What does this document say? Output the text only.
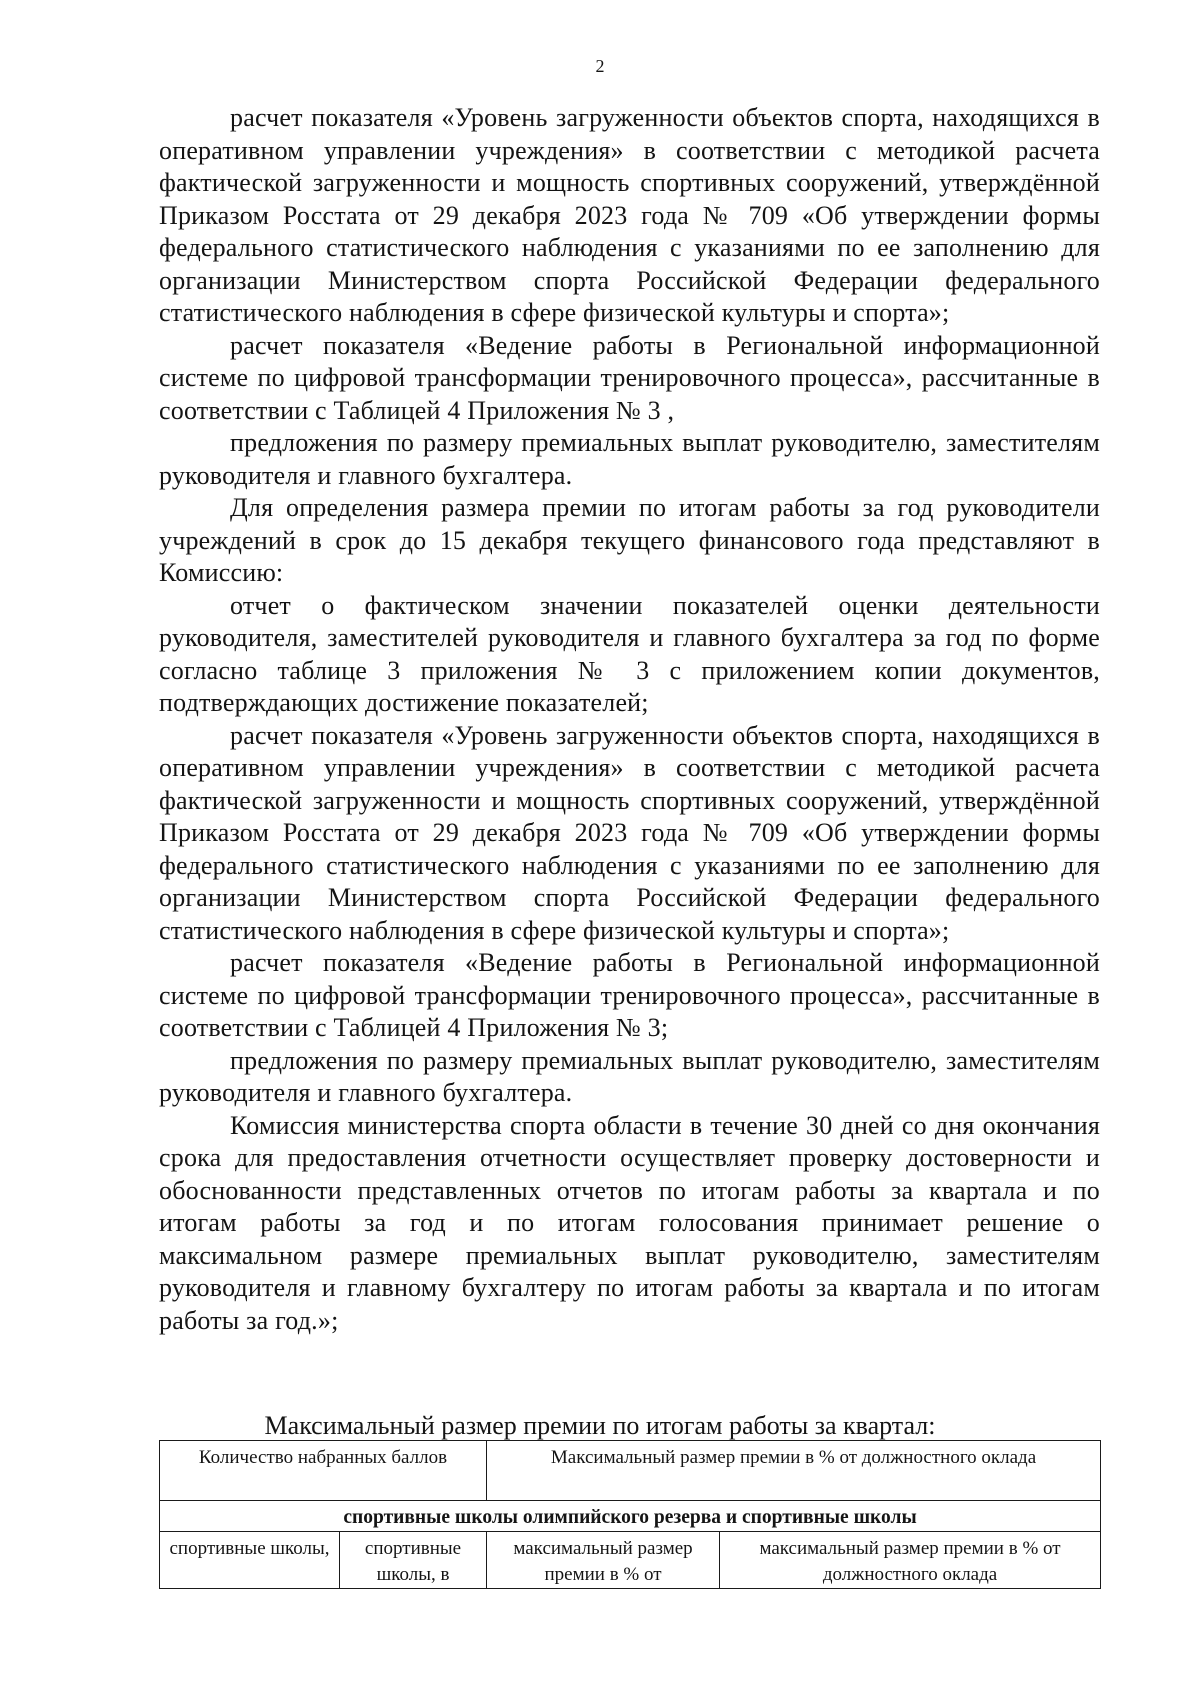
2

расчет показателя «Уровень загруженности объектов спорта, находящихся в оперативном управлении учреждения» в соответствии с методикой расчета фактической загруженности и мощность спортивных сооружений, утверждённой Приказом Росстата от 29 декабря 2023 года № 709 «Об утверждении формы федерального статистического наблюдения с указаниями по ее заполнению для организации Министерством спорта Российской Федерации федерального статистического наблюдения в сфере физической культуры и спорта»;

расчет показателя «Ведение работы в Региональной информационной системе по цифровой трансформации тренировочного процесса», рассчитанные в соответствии с Таблицей 4 Приложения № 3 ,

предложения по размеру премиальных выплат руководителю, заместителям руководителя и главного бухгалтера.

Для определения размера премии по итогам работы за год руководители учреждений в срок до 15 декабря текущего финансового года представляют в Комиссию:

отчет о фактическом значении показателей оценки деятельности руководителя, заместителей руководителя и главного бухгалтера за год по форме согласно таблице 3 приложения № 3 с приложением копии документов, подтверждающих достижение показателей;

расчет показателя «Уровень загруженности объектов спорта, находящихся в оперативном управлении учреждения» в соответствии с методикой расчета фактической загруженности и мощность спортивных сооружений, утверждённой Приказом Росстата от 29 декабря 2023 года № 709 «Об утверждении формы федерального статистического наблюдения с указаниями по ее заполнению для организации Министерством спорта Российской Федерации федерального статистического наблюдения в сфере физической культуры и спорта»;

расчет показателя «Ведение работы в Региональной информационной системе по цифровой трансформации тренировочного процесса», рассчитанные в соответствии с Таблицей 4 Приложения № 3;

предложения по размеру премиальных выплат руководителю, заместителям руководителя и главного бухгалтера.

Комиссия министерства спорта области в течение 30 дней со дня окончания срока для предоставления отчетности осуществляет проверку достоверности и обоснованности представленных отчетов по итогам работы за квартала и по итогам работы за год и по итогам голосования принимает решение о максимальном размере премиальных выплат руководителю, заместителям руководителя и главному бухгалтеру по итогам работы за квартала и по итогам работы за год.»;

Максимальный размер премии по итогам работы за квартал:
Количество набранных баллов		Максимальный размер премии в % от должностного оклада	
спортивные школы олимпийского резерва и спортивные школы			
спортивные школы,	спортивные школы, в	максимальный размер премии в % от	максимальный размер премии в % от должностного оклада
